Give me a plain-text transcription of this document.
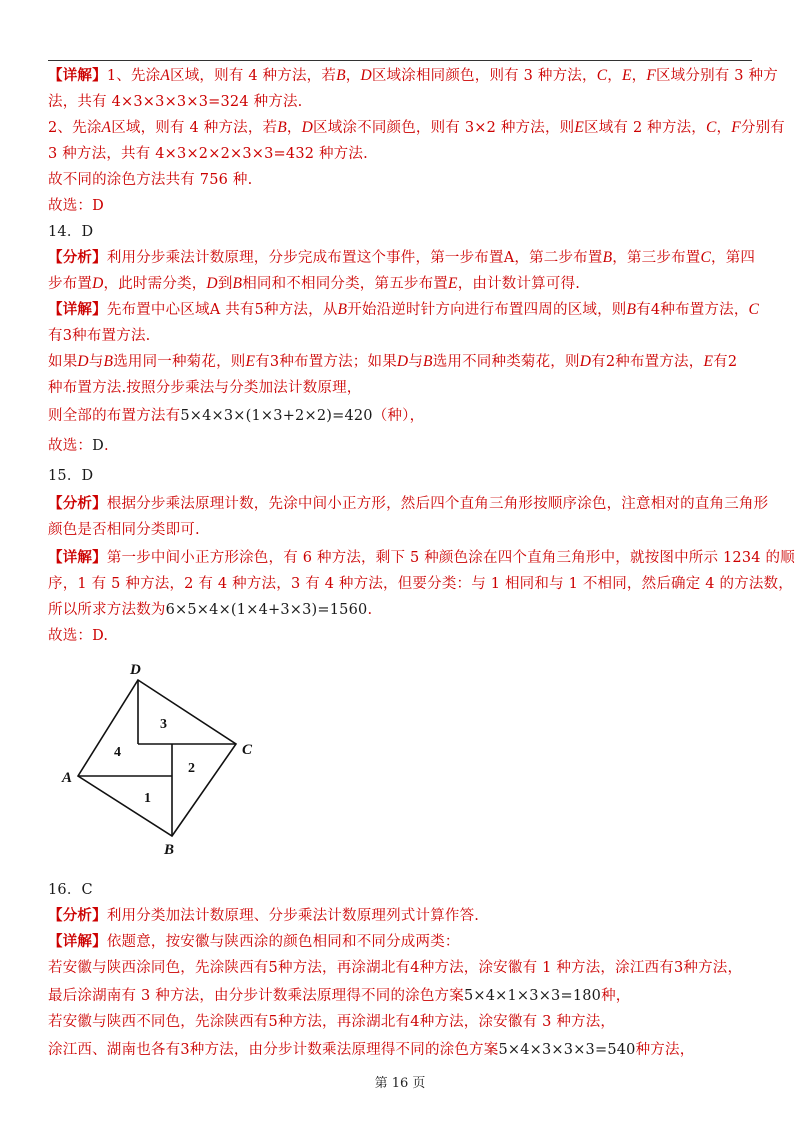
【详解】1、先涂A区域，则有 4 种方法，若B，D区域涂相同颜色，则有 3 种方法，C，E，F区域分别有 3 种方
法，共有 4×3×3×3×3=324 种方法.
2、先涂A区域，则有 4 种方法，若B，D区域涂不同颜色，则有 3×2 种方法，则E区域有 2 种方法，C，F分别有
3 种方法，共有 4×3×2×2×3×3=432 种方法.
故不同的涂色方法共有 756 种.
故选：D
14．D
【分析】利用分步乘法计数原理，分步完成布置这个事件，第一步布置A，第二步布置B，第三步布置C，第四
步布置D，此时需分类，D到B相同和不相同分类，第五步布置E，由计数计算可得.
【详解】先布置中心区域A 共有5种方法，从B开始沿逆时针方向进行布置四周的区域，则B有4种布置方法，C
有3种布置方法.
如果D与B选用同一种菊花，则E有3种布置方法；如果D与B选用不同种类菊花，则D有2种布置方法，E有2
种布置方法.按照分步乘法与分类加法计数原理，
则全部的布置方法有5×4×3×(1×3+2×2)=420（种），
故选：D.
15．D
【分析】根据分步乘法原理计数，先涂中间小正方形，然后四个直角三角形按顺序涂色，注意相对的直角三角形
颜色是否相同分类即可.
【详解】第一步中间小正方形涂色，有 6 种方法，剩下 5 种颜色涂在四个直角三角形中，就按图中所示 1234 的顺
序，1 有 5 种方法，2 有 4 种方法，3 有 4 种方法，但要分类：与 1 相同和与 1 不相同，然后确定 4 的方法数，
所以所求方法数为6×5×4×(1×4+3×3)=1560.
故选：D.
16．C
【分析】利用分类加法计数原理、分步乘法计数原理列式计算作答.
【详解】依题意，按安徽与陕西涂的颜色相同和不同分成两类：
若安徽与陕西涂同色，先涂陕西有5种方法，再涂湖北有4种方法，涂安徽有 1 种方法，涂江西有3种方法，
最后涂湖南有 3 种方法，由分步计数乘法原理得不同的涂色方案5×4×1×3×3=180种，
若安徽与陕西不同色，先涂陕西有5种方法，再涂湖北有4种方法，涂安徽有 3 种方法，
涂江西、湖南也各有3种方法，由分步计数乘法原理得不同的涂色方案5×4×3×3×3=540种方法，
D
C
A
B
3
4
2
1
第 16 页
